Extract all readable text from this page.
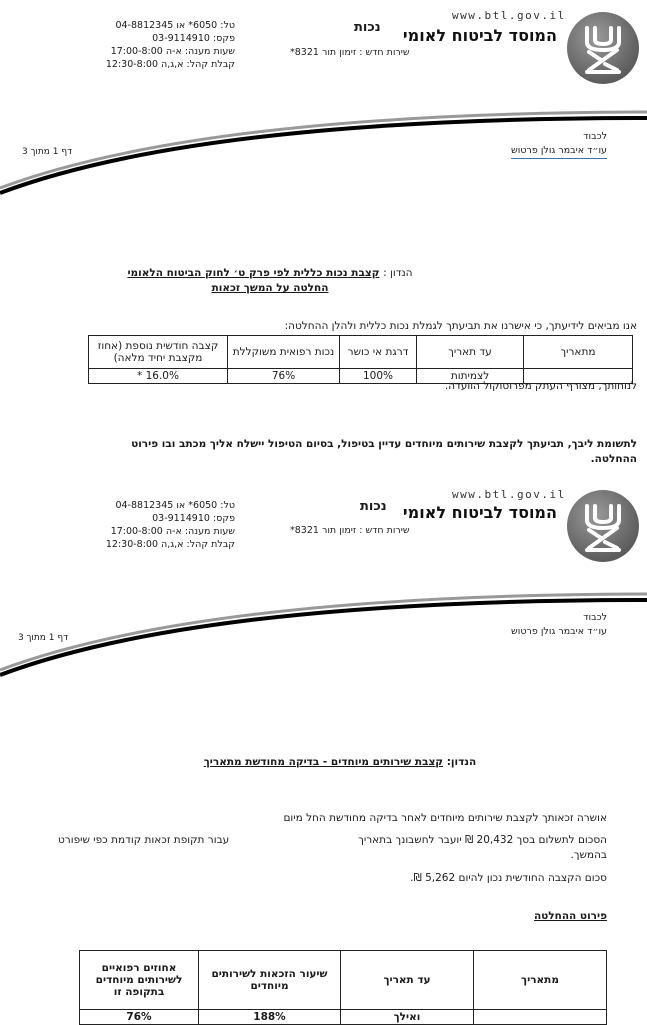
www.btl.gov.il
המוסד לביטוח לאומי
נכות
שירות חדש : זימון תור 8321*
טל: 6050* או 04-8812345
פקס: 03-9114910
שעות מענה: א-ה 17:00-8:00
קבלת קהל: א,ג,ה 12:30-8:00
לכבוד
עו״ד איבמר גולן פרטוש
דף 1 מתוך 3
הנדון : קצבת נכות כללית לפי פרק ט׳ לחוק הביטוח הלאומי
החלטה על המשך זכאות
אנו מביאים לידיעתך, כי אישרנו את תביעתך לגמלת נכות כללית ולהלן ההחלטה:
מתאריך	עד תאריך	דרגת אי כושר	נכות רפואית משוקללת	קצבה חודשית נוספת (אחוז מקצבת יחיד מלאה)
	לצמיתות	100%	76%	16.0% *
לנוחותך, מצורף העתק מפרוטוקול הוועדה.
לתשומת ליבך, תביעתך לקצבת שירותים מיוחדים עדיין בטיפול, בסיום הטיפול יישלח אליך מכתב ובו פירוט ההחלטה.
www.btl.gov.il
המוסד לביטוח לאומי
נכות
שירות חדש : זימון תור 8321*
טל: 6050* או 04-8812345
פקס: 03-9114910
שעות מענה: א-ה 17:00-8:00
קבלת קהל: א,ג,ה 12:30-8:00
לכבוד
עו״ד איבמר גולן פרטוש
דף 1 מתוך 3
הנדון: קצבת שירותים מיוחדים - בדיקה מחודשת מתאריך
אושרה זכאותך לקצבת שירותים מיוחדים לאחר בדיקה מחודשת החל מיום
הסכום לתשלום בסך 20,432 ₪ יועבר לחשבונך בתאריך
עבור תקופת זכאות קודמת כפי שיפורט
בהמשך.
סכום הקצבה החודשית נכון להיום 5,262 ₪.
פירוט ההחלטה
מתאריך	עד תאריך	שיעור הזכאות לשירותים מיוחדים	אחוזים רפואיים לשירותים מיוחדים בתקופה זו
	ואילך	188%	76%
